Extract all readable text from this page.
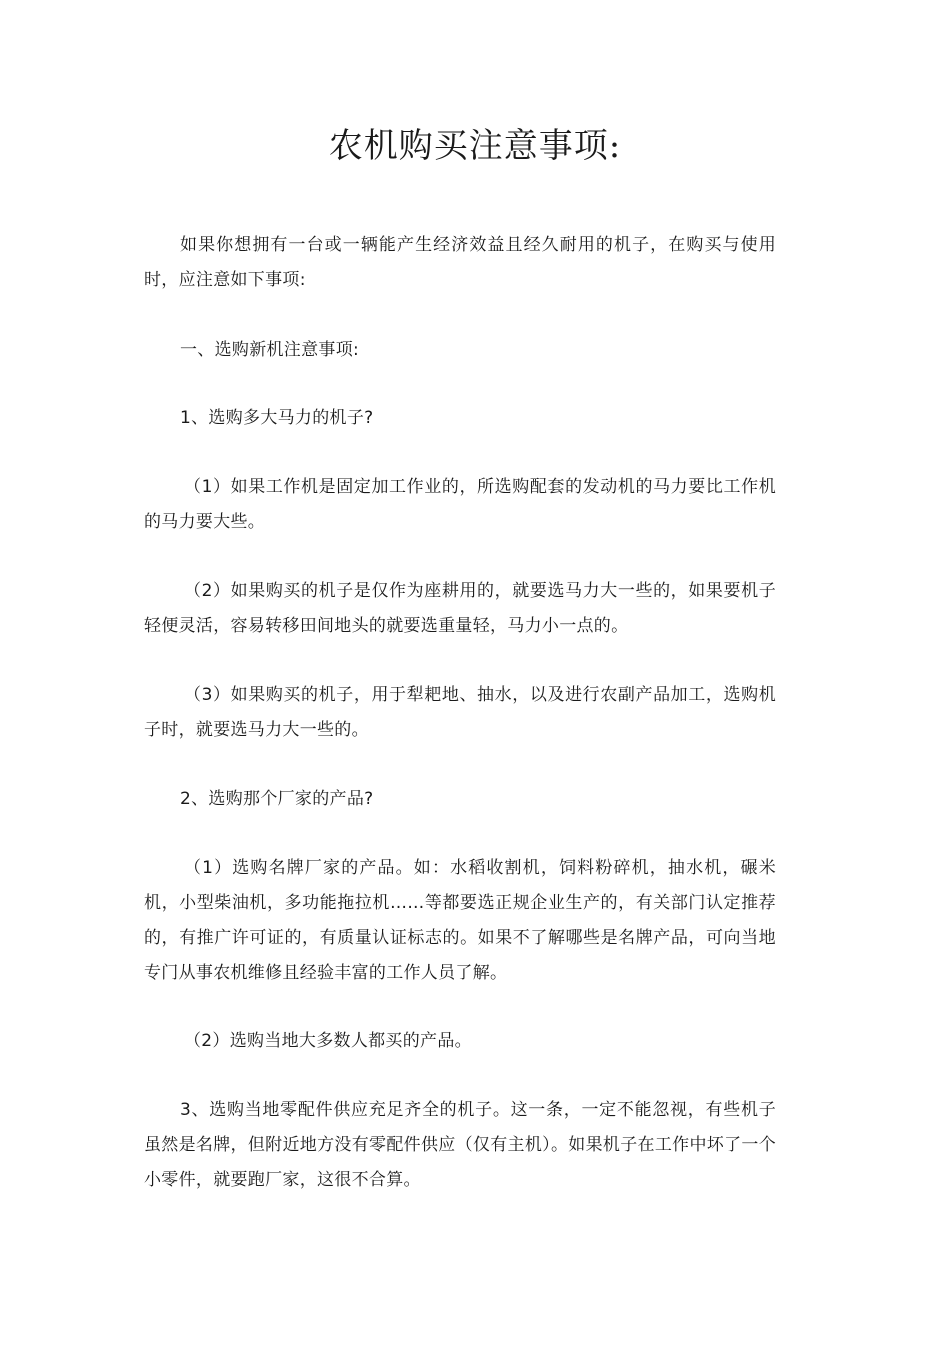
农机购买注意事项:

如果你想拥有一台或一辆能产生经济效益且经久耐用的机子，在购买与使用时，应注意如下事项:

一、选购新机注意事项:

1、选购多大马力的机子?

（1）如果工作机是固定加工作业的，所选购配套的发动机的马力要比工作机的马力要大些。

（2）如果购买的机子是仅作为座耕用的，就要选马力大一些的，如果要机子轻便灵活，容易转移田间地头的就要选重量轻，马力小一点的。

（3）如果购买的机子，用于犁耙地、抽水，以及进行农副产品加工，选购机子时，就要选马力大一些的。

2、选购那个厂家的产品?

（1）选购名牌厂家的产品。如：水稻收割机，饲料粉碎机，抽水机，碾米机，小型柴油机，多功能拖拉机……等都要选正规企业生产的，有关部门认定推荐的，有推广许可证的，有质量认证标志的。如果不了解哪些是名牌产品，可向当地专门从事农机维修且经验丰富的工作人员了解。

（2）选购当地大多数人都买的产品。

3、选购当地零配件供应充足齐全的机子。这一条，一定不能忽视，有些机子虽然是名牌，但附近地方没有零配件供应（仅有主机）。如果机子在工作中坏了一个小零件，就要跑厂家，这很不合算。
